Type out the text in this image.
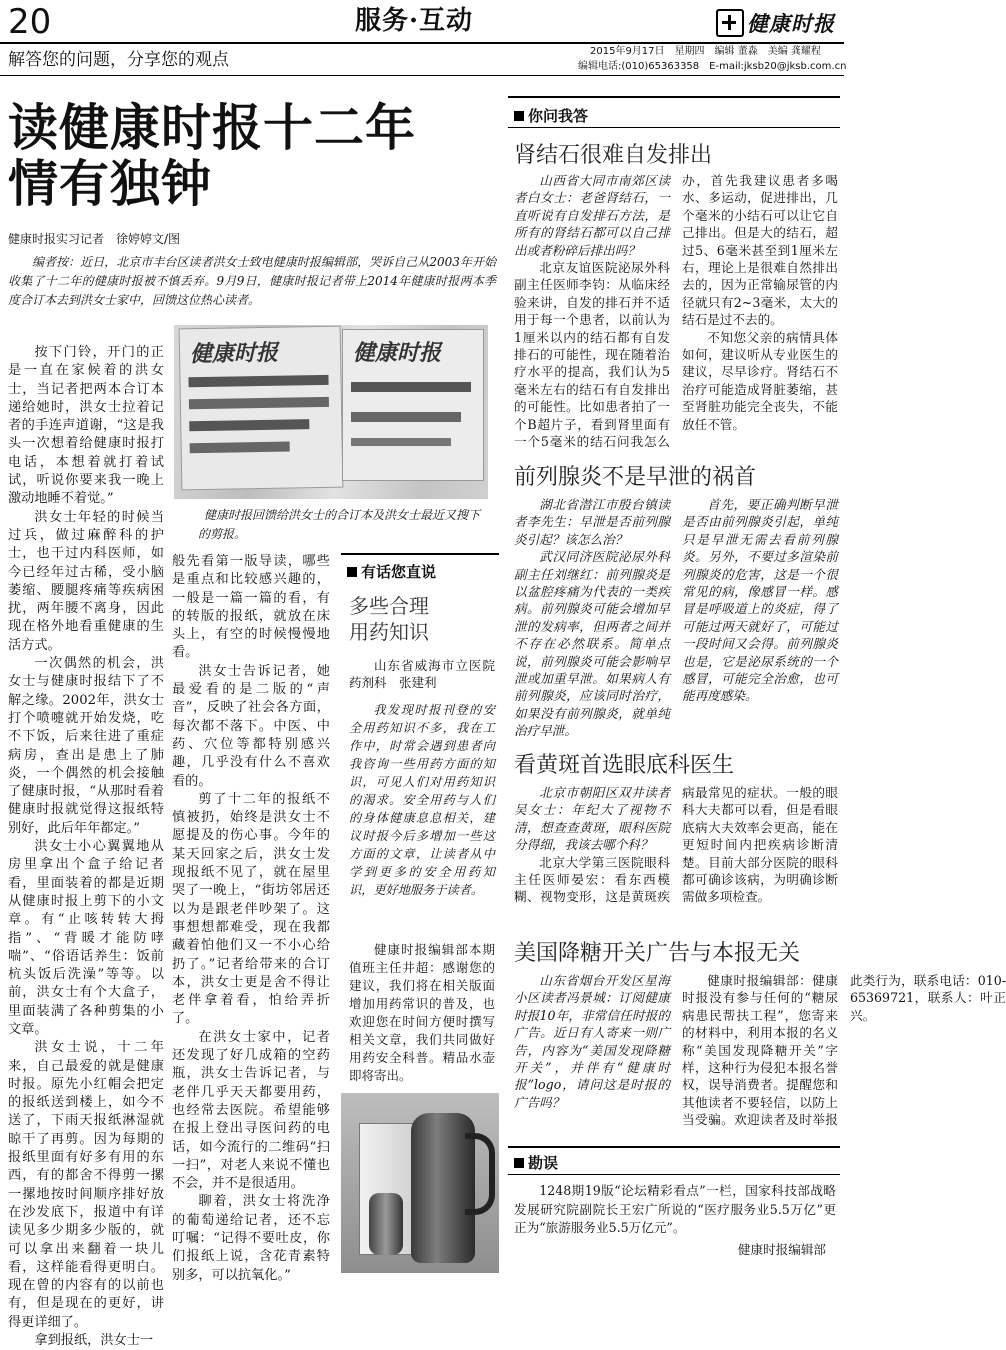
20	服务·互动	健康时报
解答您的问题，分享您的观点	2015年9月17日　星期四　编辑 董淼　美编 龚耀程
编辑电话:(010)65363358　E-mail:jksb20@jksb.com.cn
读健康时报十二年
情有独钟
健康时报实习记者　徐婷婷文/图
编者按：近日，北京市丰台区读者洪女士致电健康时报编辑部，哭诉自己从2003年开始收集了十二年的健康时报被不慎丢弃。9月9日，健康时报记者带上2014年健康时报两本季度合订本去到洪女士家中，回馈这位热心读者。
健康时报	健康时报
健康时报回馈给洪女士的合订本及洪女士最近又搜下的剪报。

按下门铃，开门的正是一直在家候着的洪女士，当记者把两本合订本递给她时，洪女士拉着记者的手连声道谢，“这是我头一次想着给健康时报打电话，本想着就打着试试，听说你要来我一晚上激动地睡不着觉。”

洪女士年轻的时候当过兵，做过麻醉科的护士，也干过内科医师，如今已经年过古稀，受小脑萎缩、腰腿疼痛等疾病困扰，两年腰不离身，因此现在格外地看重健康的生活方式。

一次偶然的机会，洪女士与健康时报结下了不解之缘。2002年，洪女士打个喷嚏就开始发烧，吃不下饭，后来往进了重症病房，查出是患上了肺炎，一个偶然的机会接触了健康时报，“从那时看着健康时报就觉得这报纸特别好，此后年年都定。”

洪女士小心翼翼地从房里拿出个盒子给记者看，里面装着的都是近期从健康时报上剪下的小文章。有“止咳转转大拇指”、“背暖才能防哮喘”、“俗语话养生：饭前杭头饭后洗澡”等等。以前，洪女士有个大盒子，里面装满了各种剪集的小文章。

洪女士说，十二年来，自己最爱的就是健康时报。原先小红帽会把定的报纸送到楼上，如今不送了，下雨天报纸淋湿就晾干了再剪。因为每期的报纸里面有好多有用的东西，有的都舍不得剪一摞一摞地按时间顺序排好放在沙发底下，报道中有详读见多少期多少版的，就可以拿出来翻着一块儿看，这样能看得更明白。现在曾的内容有的以前也有，但是现在的更好，讲得更详细了。

拿到报纸，洪女士一

般先看第一版导读，哪些是重点和比较感兴趣的，一般是一篇一篇的看，有的转版的报纸，就放在床头上，有空的时候慢慢地看。

洪女士告诉记者，她最爱看的是二版的“声音”，反映了社会各方面，每次都不落下。中医、中药、穴位等都特别感兴趣，几乎没有什么不喜欢看的。

剪了十二年的报纸不慎被扔，始终是洪女士不愿提及的伤心事。今年的某天回家之后，洪女士发现报纸不见了，就在屋里哭了一晚上，“街坊邻居还以为是跟老伴吵架了。这事想想都难受，现在我都藏着怕他们又一不小心给扔了。”记者给带来的合订本，洪女士更是舍不得让老伴拿着看，怕给弄折了。

在洪女士家中，记者还发现了好几成箱的空药瓶，洪女士告诉记者，与老伴几乎天天都要用药，也经常去医院。希望能够在报上登出寻医问药的电话，如今流行的二维码“扫一扫”，对老人来说不懂也不会，并不是很适用。

聊着，洪女士将洗净的葡萄递给记者，还不忘叮嘱：“记得不要吐皮，你们报纸上说，含花青素特别多，可以抗氧化。”

有话您直说
多些合理
用药知识
山东省威海市立医院药剂科　张建利
我发现时报刊登的安全用药知识不多，我在工作中，时常会遇到患者向我咨询一些用药方面的知识，可见人们对用药知识的渴求。安全用药与人们的身体健康息息相关，建议时报今后多增加一些这方面的文章，让读者从中学到更多的安全用药知识，更好地服务于读者。
健康时报编辑部本期值班主任井超：感谢您的建议，我们将在相关版面增加用药常识的普及，也欢迎您在时间方便时撰写相关文章，我们共同做好用药安全科普。精品水壶即将寄出。
你问我答
肾结石很难自发排出

山西省大同市南郊区读者白女士：老爸肾结石，一直听说有自发排石方法，是所有的肾结石都可以自己排出或者粉碎后排出吗？

北京友谊医院泌尿外科副主任医师李钧：从临床经验来讲，自发的排石并不适用于每一个患者，以前认为1厘米以内的结石都有自发排石的可能性，现在随着治疗水平的提高，我们认为5毫米左右的结石有自发排出的可能性。比如患者拍了一个B超片子，看到肾里面有一个5毫米的结石问我怎么办，首先我建议患者多喝水、多运动，促进排出，几个毫米的小结石可以让它自己排出。但是大的结石，超过5、6毫米甚至到1厘米左右，理论上是很难自然排出去的，因为正常输尿管的内径就只有2~3毫米，太大的结石是过不去的。

不知您父亲的病情具体如何，建议听从专业医生的建议，尽早诊疗。肾结石不治疗可能造成肾脏萎缩，甚至肾脏功能完全丧失，不能放任不管。

前列腺炎不是早泄的祸首

湖北省潜江市殷台镇读者李先生：早泄是否前列腺炎引起？该怎么治？

武汉同济医院泌尿外科副主任刘继红：前列腺炎是以盆腔疼痛为代表的一类疾病。前列腺炎可能会增加早泄的发病率，但两者之间并不存在必然联系。简单点说，前列腺炎可能会影响早泄或加重早泄。如果病人有前列腺炎，应该同时治疗，如果没有前列腺炎，就单纯治疗早泄。

首先，要正确判断早泄是否由前列腺炎引起，单纯只是早泄无需去看前列腺炎。另外，不要过多渲染前列腺炎的危害，这是一个很常见的病，像感冒一样。感冒是呼吸道上的炎症，得了可能过两天就好了，可能过一段时间又会得。前列腺炎也是，它是泌尿系统的一个感冒，可能完全治愈，也可能再度感染。

看黄斑首选眼底科医生

北京市朝阳区双井读者吴女士：年纪大了视物不清，想查查黄斑，眼科医院分得细，我该去哪个科？

北京大学第三医院眼科主任医师晏宏：看东西模糊、视物变形，这是黄斑疾病最常见的症状。一般的眼科大夫都可以看，但是看眼底病大夫效率会更高，能在更短时间内把疾病诊断清楚。目前大部分医院的眼科都可确诊该病，为明确诊断需做多项检查。

美国降糖开关广告与本报无关

山东省烟台开发区星海小区读者冯景城：订阅健康时报10年，非常信任时报的广告。近日有人寄来一则广告，内容为“美国发现降糖开关”，并伴有“健康时报”logo，请问这是时报的广告吗？

健康时报编辑部：健康时报没有参与任何的“糖尿病患民帮扶工程”，您寄来的材料中，利用本报的名义称“美国发现降糖开关”字样，这种行为侵犯本报名誉权，误导消费者。提醒您和其他读者不要轻信，以防上当受骗。欢迎读者及时举报此类行为，联系电话：010-65369721，联系人：叶正兴。

勘误
1248期19版“论坛精彩看点”一栏，国家科技部战略发展研究院副院长王宏广所说的“医疗服务业5.5万亿”更正为“旅游服务业5.5万亿元”。
健康时报编辑部
